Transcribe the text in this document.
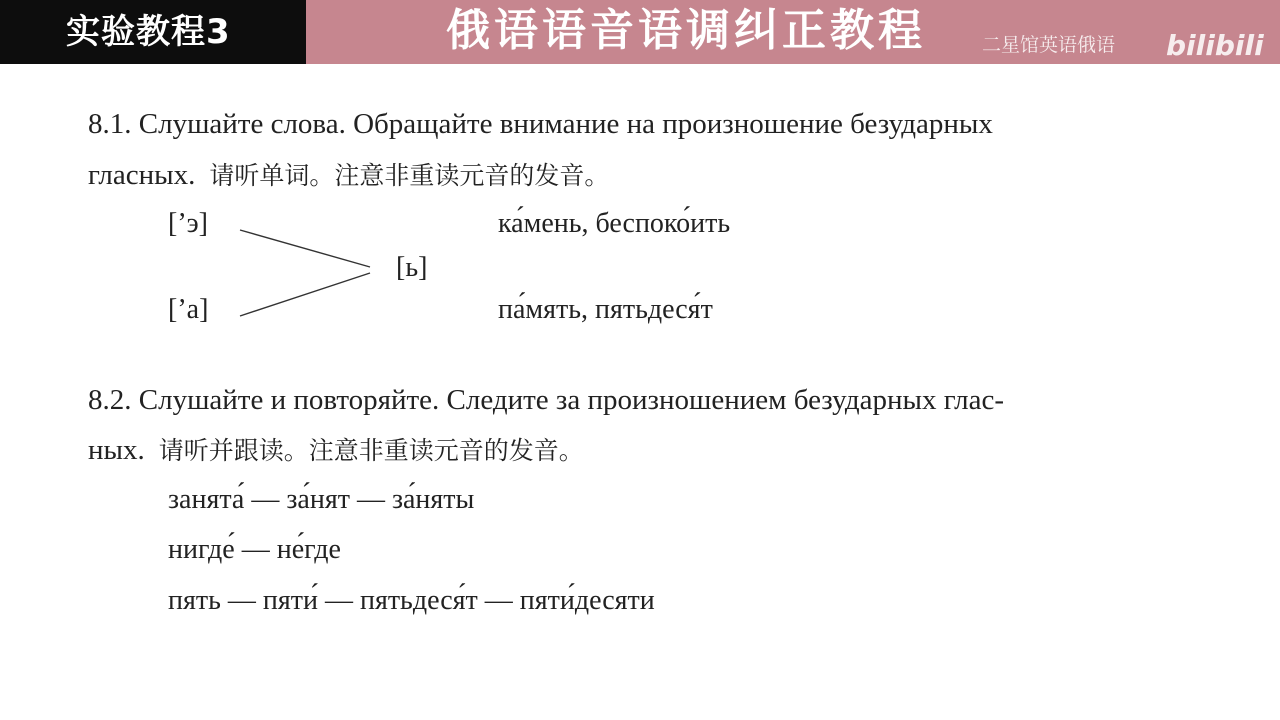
实验教程3	俄语语音语调纠正教程	二星馆英语俄语 bilibili
8.1. Слушайте слова. Обращайте внимание на произношение безударных
гласных. 请听单词。注意非重读元音的发音。
[’э]
[’а]
[ь]
ка́мень, беспоко́ить
па́мять, пятьдеся́т
8.2. Слушайте и повторяйте. Следите за произношением безударных глас-
ных. 请听并跟读。注意非重读元音的发音。
занята́ — за́нят — за́няты
нигде́ — не́где
пять — пяти́ — пятьдеся́т — пяти́десяти
